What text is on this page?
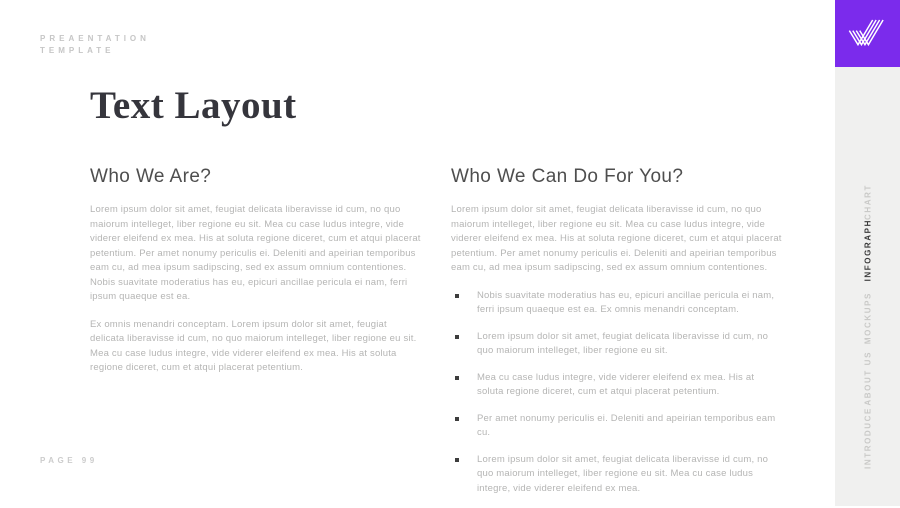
PREAENTATION
TEMPLATE
Text Layout
Who We Are?

Lorem ipsum dolor sit amet, feugiat delicata liberavisse id cum, no quo maiorum intelleget, liber regione eu sit. Mea cu case ludus integre, vide viderer eleifend ex mea. His at soluta regione diceret, cum et atqui placerat petentium. Per amet nonumy periculis ei. Deleniti and apeirian temporibus eam cu, ad mea ipsum sadipscing, sed ex assum omnium contentiones. Nobis suavitate moderatius has eu, epicuri ancillae pericula ei nam, ferri ipsum quaeque est ea.

Ex omnis menandri conceptam. Lorem ipsum dolor sit amet, feugiat delicata liberavisse id cum, no quo maiorum intelleget, liber regione eu sit. Mea cu case ludus integre, vide viderer eleifend ex mea. His at soluta regione diceret, cum et atqui placerat petentium.

Who We Can Do For You?

Lorem ipsum dolor sit amet, feugiat delicata liberavisse id cum, no quo maiorum intelleget, liber regione eu sit. Mea cu case ludus integre, vide viderer eleifend ex mea. His at soluta regione diceret, cum et atqui placerat petentium. Per amet nonumy periculis ei. Deleniti and apeirian temporibus eam cu, ad mea ipsum sadipscing, sed ex assum omnium contentiones.

Nobis suavitate moderatius has eu, epicuri ancillae pericula ei nam, ferri ipsum quaeque est ea. Ex omnis menandri conceptam.
Lorem ipsum dolor sit amet, feugiat delicata liberavisse id cum, no quo maiorum intelleget, liber regione eu sit.
Mea cu case ludus integre, vide viderer eleifend ex mea. His at soluta regione diceret, cum et atqui placerat petentium.
Per amet nonumy periculis ei. Deleniti and apeirian temporibus eam cu.
Lorem ipsum dolor sit amet, feugiat delicata liberavisse id cum, no quo maiorum intelleget, liber regione eu sit. Mea cu case ludus integre, vide viderer eleifend ex mea.
PAGE 99
CHART
INFOGRAPH
MOCKUPS
ABOUT US
INTRODUCE
